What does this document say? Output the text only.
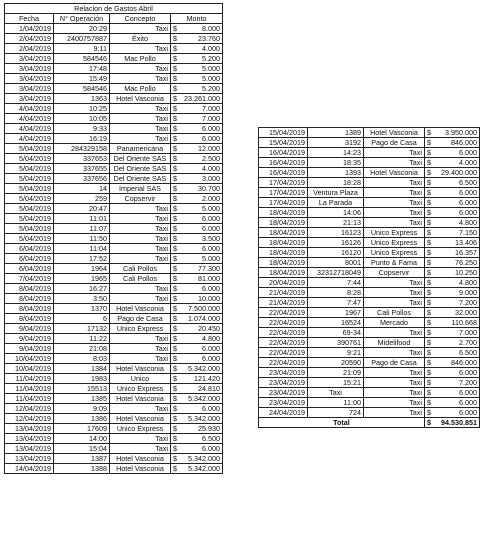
Relacion de Gastos Abril				
Fecha	N° Operación	Concepto	Monto	
1/04/2019	20:29	Taxi	$	8.000
2/04/2019	2400757887	Éxito	$	23.760
2/04/2019	9:11	Taxi	$	4.000
3/04/2019	584546	Mac Pollo	$	5.200
3/04/2019	17:48	Taxi	$	5.000
3/04/2019	15:49	Taxi	$	5.000
3/04/2019	584546	Mac Pollo	$	5.200
3/04/2019	1363	Hotel Vasconia	$	23.261.000
4/04/2019	10:25	Taxi	$	7.000
4/04/2019	10:05	Taxi	$	7.000
4/04/2019	9:33	Taxi	$	6.000
4/04/2019	16:19	Taxi	$	6.000
5/04/2019	284329158	Panamericana	$	12.000
5/04/2019	337653	Del Oriente SAS	$	2.500
5/04/2019	337655	Del Oriente SAS	$	4.000
5/04/2019	337656	Del Oriente SAS	$	3.000
5/04/2019	14	Imperial SAS	$	30.700
5/04/2019	259	Copservir	$	2.000
5/04/2019	20:47	Taxi	$	5.000
5/04/2019	11:01	Taxi	$	6.000
5/04/2019	11:07	Taxi	$	6.000
5/04/2019	11:50	Taxi	$	3.500
6/04/2019	11:04	Taxi	$	6.000
6/04/2019	17:52	Taxi	$	5.000
6/04/2019	1964	Cali Pollos	$	77.300
7/04/2019	1965	Cali Pollos	$	81.000
8/04/2019	16:27	Taxi	$	6.000
8/04/2019	3:50	Taxi	$	10.000
8/04/2019	1370	Hotel Vasconia	$	7.500.000
8/04/2019	6	Pago de Casa	$	1.074.000
9/04/2019	17132	Unico Express	$	20.450
9/04/2019	11:22	Taxi	$	4.800
9/04/2019	21:08	Taxi	$	6.000
10/04/2019	8:03	Taxi	$	6.000
10/04/2019	1384	Hotel Vasconia	$	5.342.000
11/04/2019	1983	Unico	$	121.420
11/04/2019	15513	Unico Express	$	24.810
11/04/2019	1385	Hotel Vasconia	$	5.342.000
12/04/2019	9:09	Taxi	$	6.000
12/04/2019	1386	Hotel Vasconia	$	5.342.000
13/04/2019	17609	Unico Express	$	25.930
13/04/2019	14:00	Taxi	$	6.500
13/04/2019	15:04	Taxi	$	6.000
13/04/2019	1387	Hotel Vasconia	$	5.342.000
14/04/2019	1388	Hotel Vasconia	$	5.342.000
15/04/2019	1389	Hotel Vasconia	$	3.950.000
15/04/2019	3192	Pago de Casa	$	846.000
16/04/2019	14:23	Taxi	$	6.000
16/04/2019	18:35	Taxi	$	4.000
16/04/2019	1393	Hotel Vasconia	$	29.400.000
17/04/2019	18:28	Taxi	$	6.500
17/04/2019	Ventura Plaza	Taxi	$	6.000
17/04/2019	La Parada	Taxi	$	6.000
18/04/2019	14:06	Taxi	$	6.000
18/04/2019	21:13	Taxi	$	4.800
18/04/2019	16123	Unico Express	$	7.150
18/04/2019	16126	Unico Express	$	13.406
18/04/2019	16120	Unico Express	$	16.357
18/04/2019	8001	Punto & Fama	$	76.250
18/04/2019	32312718049	Copservir	$	10.250
20/04/2019	7:44	Taxi	$	4.800
21/04/2019	8:28	Taxi	$	9.000
21/04/2019	7:47	Taxi	$	7.200
22/04/2019	1967	Cali Pollos	$	32.000
22/04/2019	16524	Mercado	$	110.668
22/04/2019	69-34	Taxi	$	7.000
22/04/2019	390761	Midelifood	$	2.700
22/04/2019	9:21	Taxi	$	6.500
22/04/2019	20590	Pago de Casa	$	846.000
23/04/2019	21:09	Taxi	$	6.000
23/04/2019	15:21	Taxi	$	7.200
23/04/2019	Taxi	Taxi	$	6.000
23/04/2019	11:00	Taxi	$	6.000
24/04/2019	724	Taxi	$	6.000
Total			$	94.530.851
